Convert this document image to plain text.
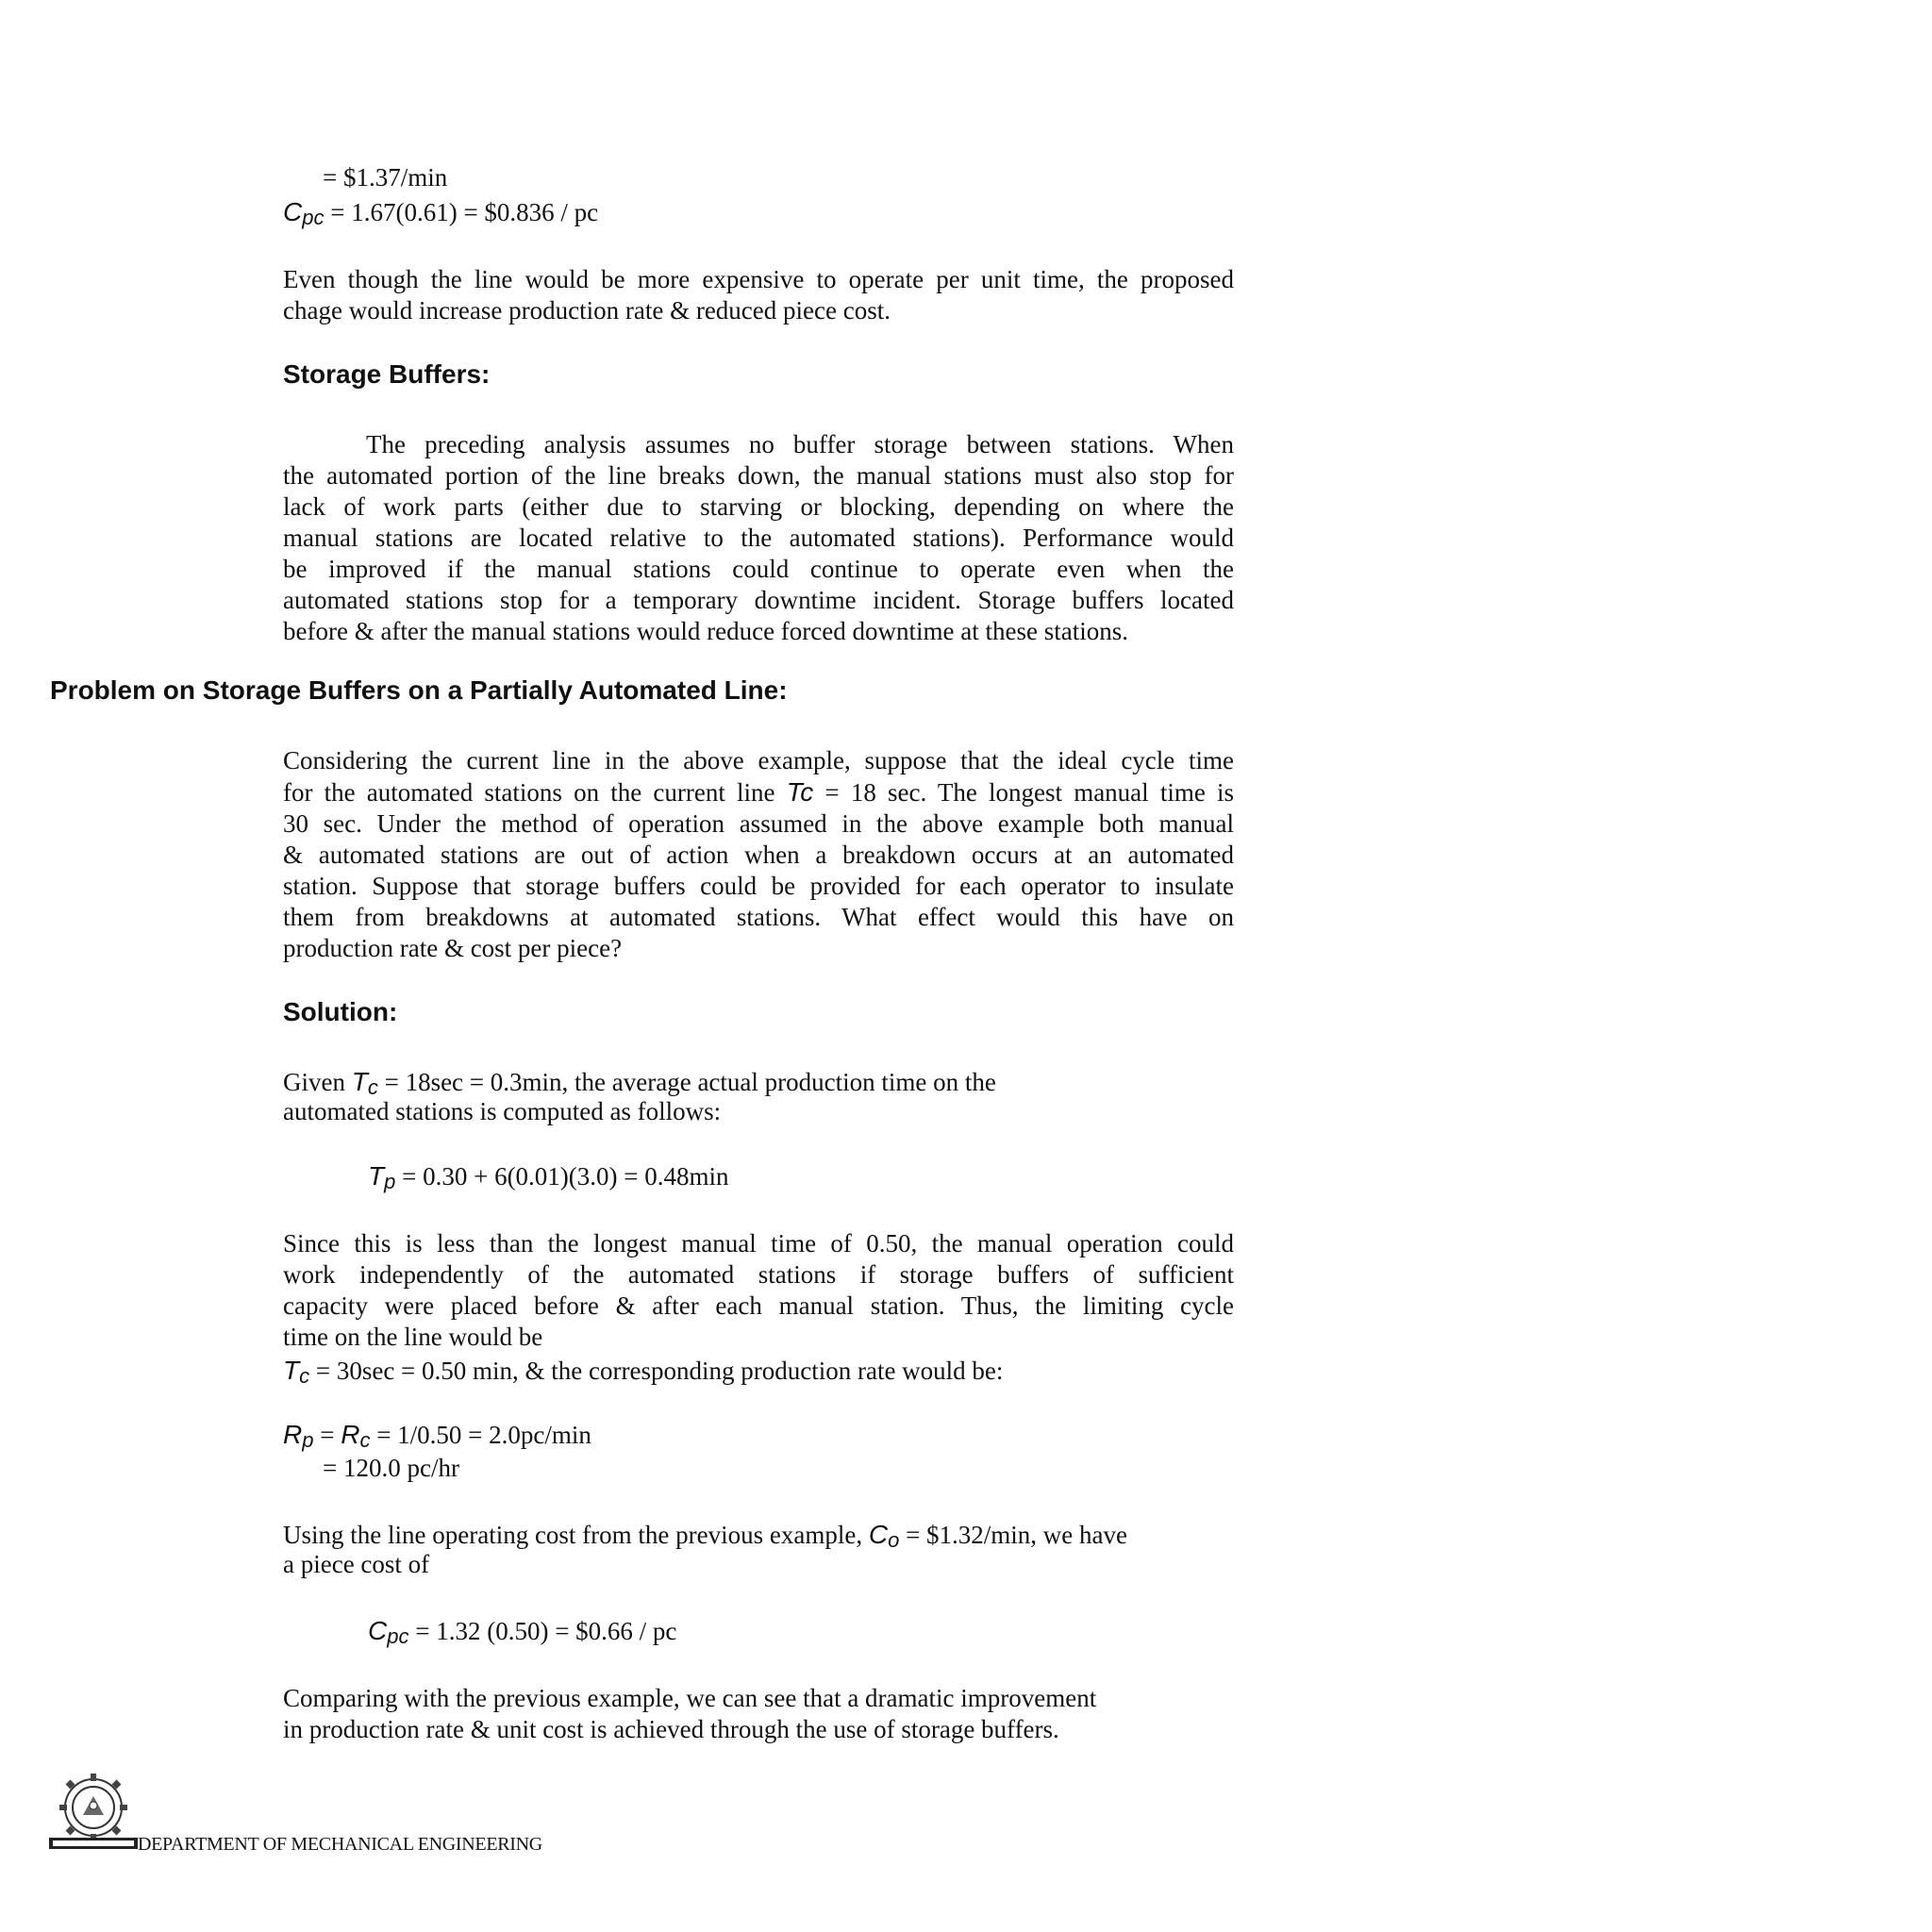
= $1.37/min
$C_{pc} = 1.67(0.61)$ = $0.836 / pc
Even though the line would be more expensive to operate per unit time, the proposed
chage would increase production rate & reduced piece cost.
Storage Buffers:
The preceding analysis assumes no buffer storage between stations. When
the automated portion of the line breaks down, the manual stations must also stop for
lack of work parts (either due to starving or blocking, depending on where the
manual stations are located relative to the automated stations). Performance would
be improved if the manual stations could continue to operate even when the
automated stations stop for a temporary downtime incident. Storage buffers located
before & after the manual stations would reduce forced downtime at these stations.
Problem on Storage Buffers on a Partially Automated Line:
Considering the current line in the above example, suppose that the ideal cycle time
for the automated stations on the current line Tc = 18 sec. The longest manual time is
30 sec. Under the method of operation assumed in the above example both manual
& automated stations are out of action when a breakdown occurs at an automated
station. Suppose that storage buffers could be provided for each operator to insulate
them from breakdowns at automated stations. What effect would this have on
production rate & cost per piece?
Solution:
Given $T_c = 18\sec = 0.3\min$, the average actual production time on the
automated stations is computed as follows:
$T_p = 0.30 + 6(0.01)(3.0) = 0.48\min$
Since this is less than the longest manual time of 0.50, the manual operation could
work independently of the automated stations if storage buffers of sufficient
capacity were placed before & after each manual station. Thus, the limiting cycle
time on the line would be
$T_c = 30\sec = 0.50$ min, & the corresponding production rate would be:
$R_p = R_c = 1/0.50 = 2.0pc/\min$
= 120.0 pc/hr
Using the line operating cost from the previous example, $C_o$ = $1.32/min, we have
a piece cost of
$C_{pc} = 1.32$ (0.50) = $0.66 / pc
Comparing with the previous example, we can see that a dramatic improvement
in production rate & unit cost is achieved through the use of storage buffers.
DEPARTMENT OF MECHANICAL ENGINEERING
